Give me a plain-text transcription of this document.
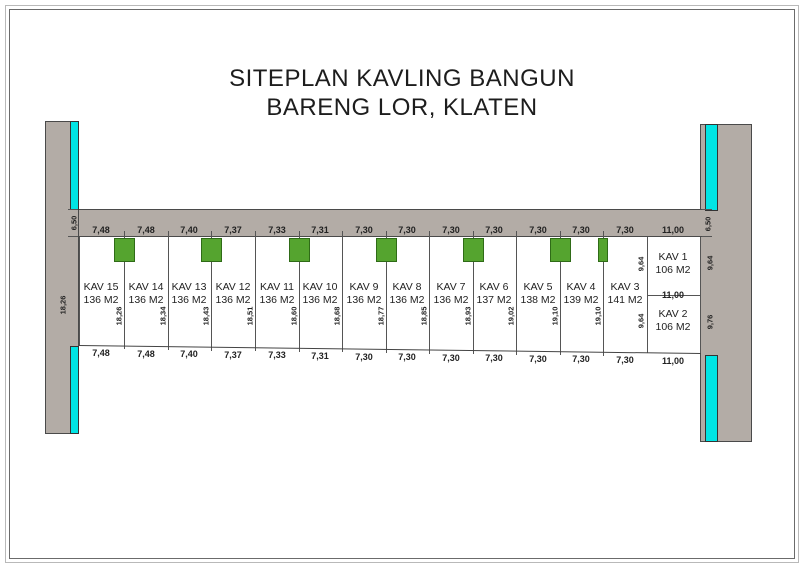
SITEPLAN KAVLING BANGUN
BARENG LOR, KLATEN
6,50	6,50
7,48	7,48	7,40	7,37	7,33	7,31	7,30	7,30	7,30	7,30	7,30	7,30	7,30	11,00
KAV 15
136 M2
KAV 14
136 M2
KAV 13
136 M2
KAV 12
136 M2
KAV 11
136 M2
KAV 10
136 M2
KAV 9
136 M2
KAV 8
136 M2
KAV 7
136 M2
KAV 6
137 M2
KAV 5
138 M2
KAV 4
139 M2
KAV 3
141 M2
18,26
18,26	18,34	18,43	18,51	18,60	18,68	18,77	18,85	18,93	19,02	19,10	19,10
KAV 1
106 M2
KAV 2
106 M2
11,00
9,64
9,64
9,64
9,76
7,48	7,48	7,40	7,37	7,33	7,31	7,30	7,30	7,30	7,30	7,30	7,30	7,30	11,00
